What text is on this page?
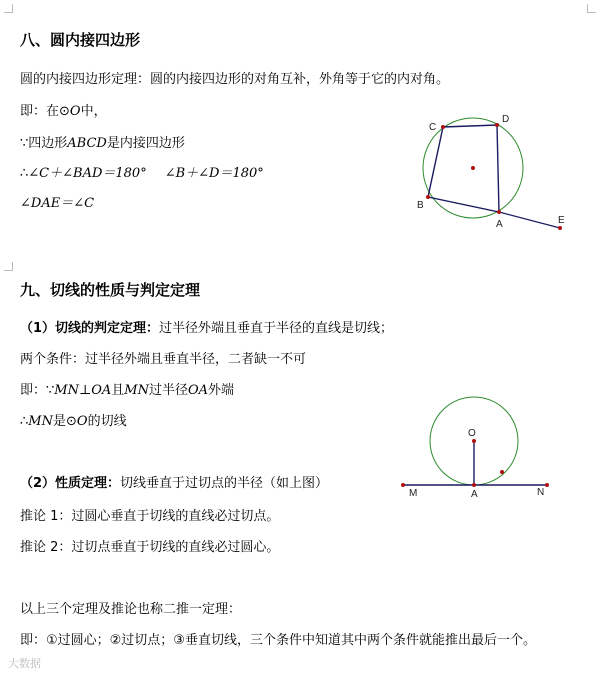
八、圆内接四边形
圆的内接四边形定理：圆的内接四边形的对角互补，外角等于它的内对角。
即：在⊙O中，
∵四边形ABCD是内接四边形
∴∠C＋∠BAD＝180° ∠B＋∠D＝180°
∠DAE＝∠C
C
D
B
A	E
九、切线的性质与判定定理
（1）切线的判定定理：过半径外端且垂直于半径的直线是切线；
两个条件：过半径外端且垂直半径，二者缺一不可
即：∵MN⊥OA且MN过半径OA外端
∴MN是⊙O的切线
（2）性质定理：切线垂直于过切点的半径（如上图）
推论 1：过圆心垂直于切线的直线必过切点。
推论 2：过切点垂直于切线的直线必过圆心。
以上三个定理及推论也称二推一定理：
即：①过圆心；②过切点；③垂直切线，三个条件中知道其中两个条件就能推出最后一个。
O
M	A	N
大数据
